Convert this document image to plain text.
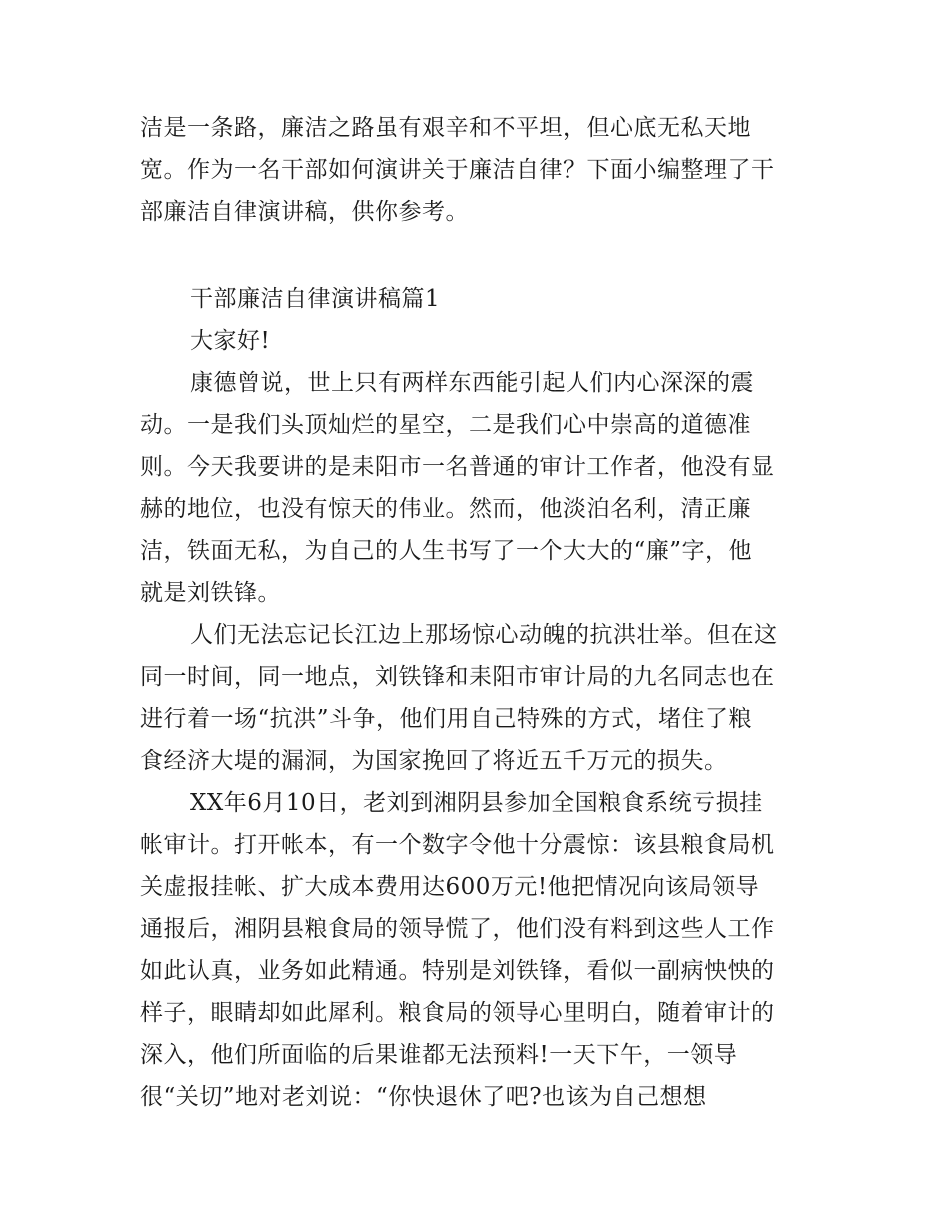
洁是一条路，廉洁之路虽有艰辛和不平坦，但心底无私天地
宽。作为一名干部如何演讲关于廉洁自律？下面小编整理了干
部廉洁自律演讲稿，供你参考。
干部廉洁自律演讲稿篇1
大家好!
康德曾说，世上只有两样东西能引起人们内心深深的震
动。一是我们头顶灿烂的星空，二是我们心中崇高的道德准
则。今天我要讲的是耒阳市一名普通的审计工作者，他没有显
赫的地位，也没有惊天的伟业。然而，他淡泊名利，清正廉
洁，铁面无私，为自己的人生书写了一个大大的“廉”字，他
就是刘铁锋。
人们无法忘记长江边上那场惊心动魄的抗洪壮举。但在这
同一时间，同一地点，刘铁锋和耒阳市审计局的九名同志也在
进行着一场“抗洪”斗争，他们用自己特殊的方式，堵住了粮
食经济大堤的漏洞，为国家挽回了将近五千万元的损失。
XX年6月10日，老刘到湘阴县参加全国粮食系统亏损挂
帐审计。打开帐本，有一个数字令他十分震惊：该县粮食局机
关虚报挂帐、扩大成本费用达600万元!他把情况向该局领导
通报后，湘阴县粮食局的领导慌了，他们没有料到这些人工作
如此认真，业务如此精通。特别是刘铁锋，看似一副病怏怏的
样子，眼睛却如此犀利。粮食局的领导心里明白，随着审计的
深入，他们所面临的后果谁都无法预料!一天下午，一领导
很“关切”地对老刘说：“你快退休了吧?也该为自己想想
